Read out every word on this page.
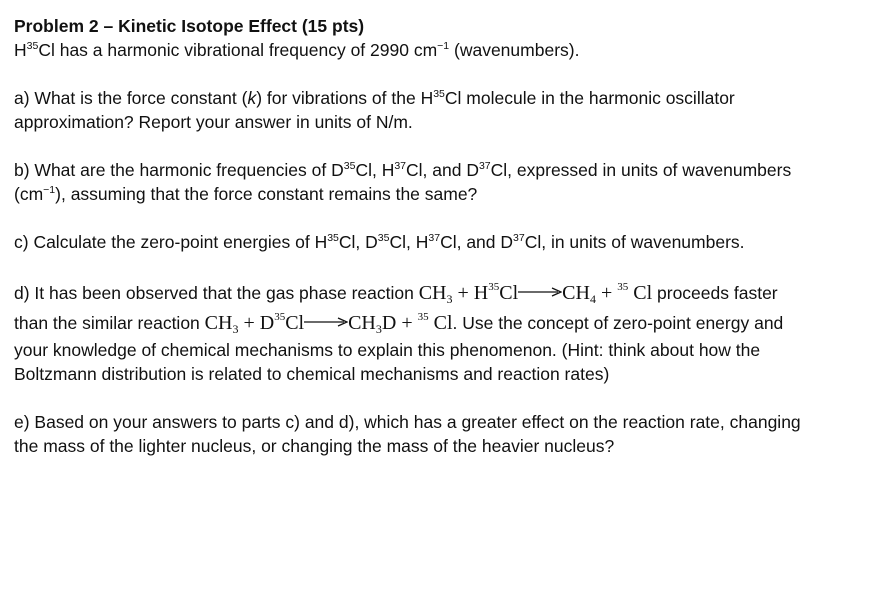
Problem 2 – Kinetic Isotope Effect (15 pts)
$H^{35}Cl$ has a harmonic vibrational frequency of 2990 $cm^{-1}$ (wavenumbers).
a) What is the force constant (k) for vibrations of the $H^{35}Cl$ molecule in the harmonic oscillator
approximation? Report your answer in units of N/m.
b) What are the harmonic frequencies of $D^{35}Cl$, $H^{37}Cl$, and $D^{37}Cl$, expressed in units of wavenumbers
$(cm^{-1})$, assuming that the force constant remains the same?
c) Calculate the zero-point energies of $H^{35}Cl$, $D^{35}Cl$, $H^{37}Cl$, and $D^{37}Cl$, in units of wavenumbers.
d) It has been observed that the gas phase reaction $CH_3 + H^{35}Cl\to CH_4 + ^{35}$ Cl proceeds faster
than the similar reaction $CH_3 + D^{35}Cl\to CH_3D + ^{35}$ Cl. Use the concept of zero-point energy and
your knowledge of chemical mechanisms to explain this phenomenon. (Hint: think about how the
Boltzmann distribution is related to chemical mechanisms and reaction rates)
e) Based on your answers to parts c) and d), which has a greater effect on the reaction rate, changing
the mass of the lighter nucleus, or changing the mass of the heavier nucleus?
